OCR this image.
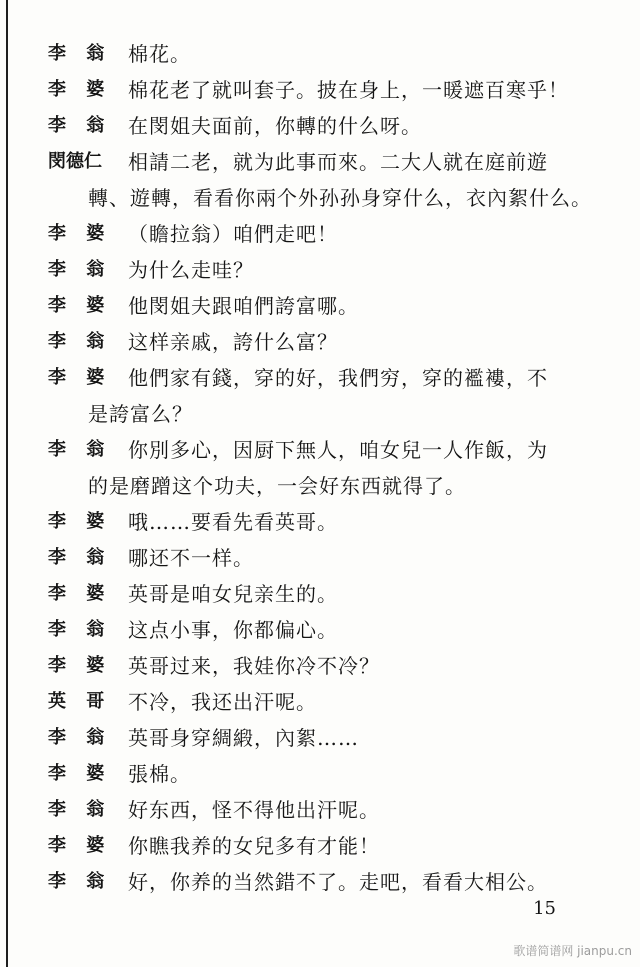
李 翁 棉花。

李 婆 棉花老了就叫套子。披在身上，一暖遮百寒乎！

李 翁 在閔姐夫面前，你轉的什么呀。

閔德仁	相請二老，就为此事而來。二大人就在庭前遊
轉、遊轉，看看你兩个外孙孙身穿什么，衣內絮什么。

李 婆 （瞻拉翁）咱們走吧！

李 翁 为什么走哇？

李 婆 他閔姐夫跟咱們誇富哪。

李 翁 这样亲戚，誇什么富？

李 婆 他們家有錢，穿的好，我們穷，穿的襤褸，不
是誇富么？

李 翁 你別多心，因厨下無人，咱女兒一人作飯，为
的是磨蹭这个功夫，一会好东西就得了。

李 婆 哦……要看先看英哥。

李 翁 哪还不一样。

李 婆 英哥是咱女兒亲生的。

李 翁 这点小事，你都偏心。

李 婆 英哥过来，我娃你冷不冷？

英 哥 不冷，我还出汗呢。

李 翁 英哥身穿綢緞，內絮……

李 婆 張棉。

李 翁 好东西，怪不得他出汗呢。

李 婆 你瞧我养的女兒多有才能！

李 翁 好，你养的当然錯不了。走吧，看看大相公。

15
歌谱简谱网 jianpu.cn
